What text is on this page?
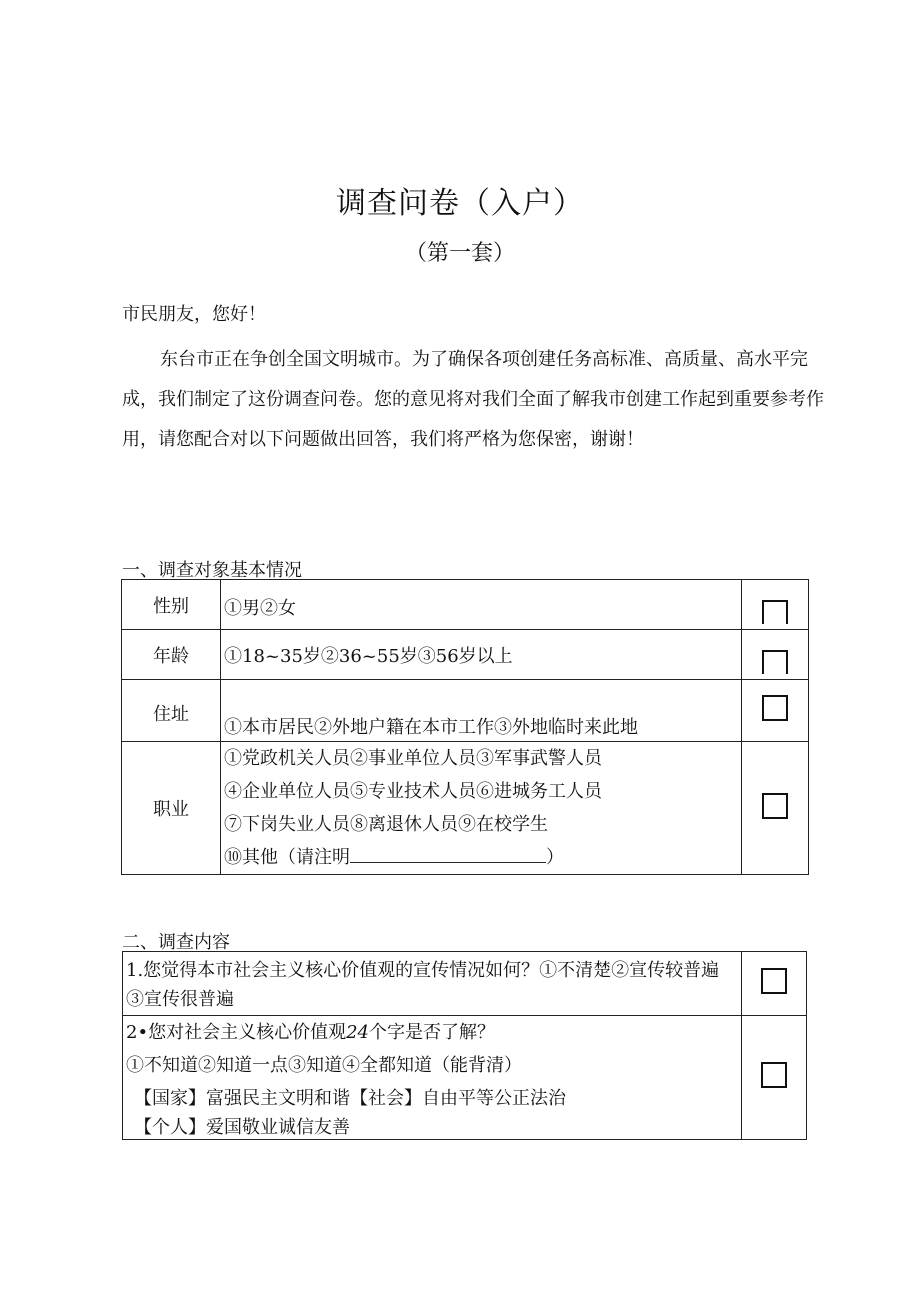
调查问卷（入户）
（第一套）
市民朋友，您好！
东台市正在争创全国文明城市。为了确保各项创建任务高标准、高质量、高水平完成，我们制定了这份调查问卷。您的意见将对我们全面了解我市创建工作起到重要参考作用，请您配合对以下问题做出回答，我们将严格为您保密，谢谢！
一、调查对象基本情况
性别	①男②女	
年龄	①18~35岁②36~55岁③56岁以上	
住址	①本市居民②外地户籍在本市工作③外地临时来此地	
职业	①党政机关人员②事业单位人员③军事武警人员
④企业单位人员⑤专业技术人员⑥进城务工人员
⑦下岗失业人员⑧离退休人员⑨在校学生
⑩其他（请注明 ）	

二、调查内容
1.您觉得本市社会主义核心价值观的宣传情况如何？①不清楚②宣传较普遍③宣传很普遍	

2•您对社会主义核心价值观24个字是否了解？
①不知道②知道一点③知道④全都知道（能背清）
【国家】富强民主文明和谐【社会】自由平等公正法治
【个人】爱国敬业诚信友善	
